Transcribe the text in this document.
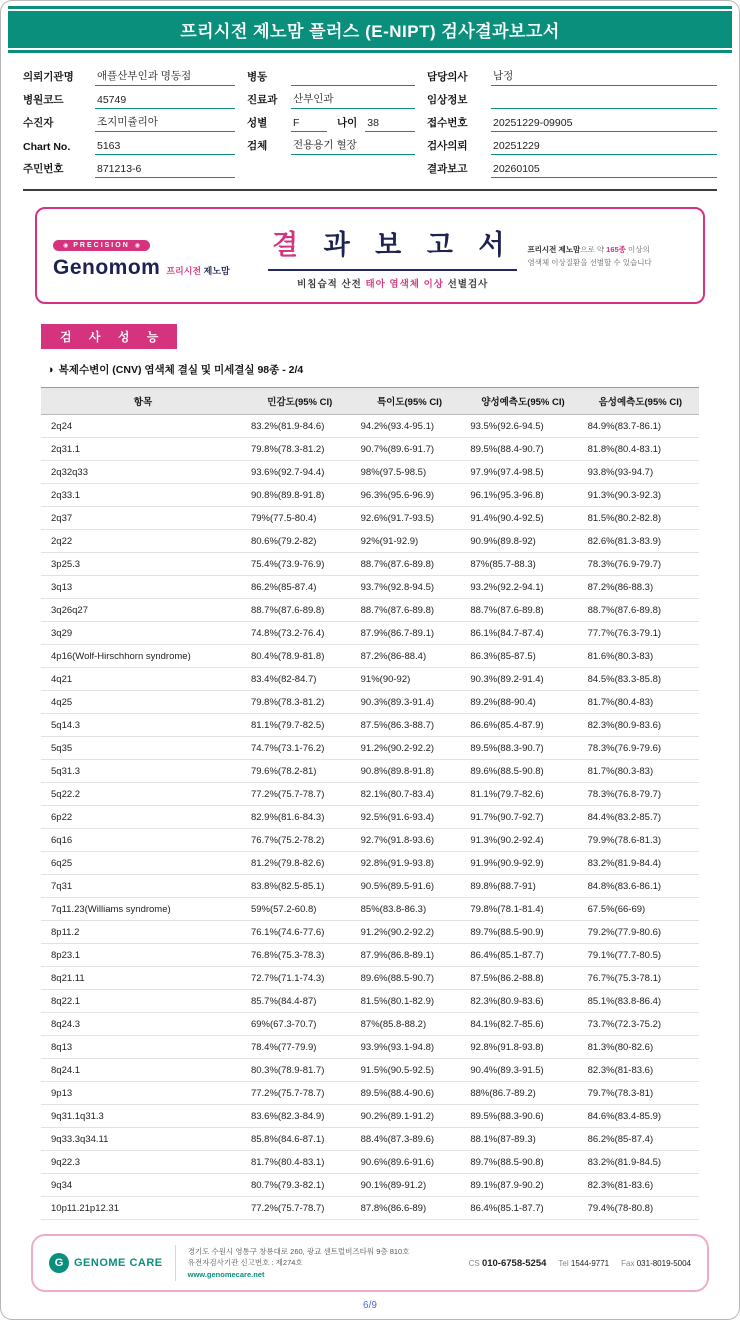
프리시전 제노맘 플러스 (E-NIPT) 검사결과보고서
의뢰기관명	애플산부인과 명동점
병원코드	45749
수진자	조지미쥴리아
Chart No.	5163
주민번호	871213-6
병동
진료과	산부인과
성별	F	나이 38
검체	전용용기 혈장
담당의사	남정
임상정보
접수번호	20251229-09905
검사의뢰	20251229
결과보고	20260105
◉ PRECISION ◉
Genomom 프리시전 제노맘
결 과 보 고 서
비침습적 산전 태아 염색체 이상 선별검사
프리시전 제노맘으로 약 165종 이상의
염색체 이상질환을 선별할 수 있습니다
검 사 성 능
◑ 복제수변이 (CNV) 염색체 결실 및 미세결실 98종 - 2/4
항목	민감도(95% CI)	특이도(95% CI)	양성예측도(95% CI)	음성예측도(95% CI)
2q24	83.2%(81.9-84.6)	94.2%(93.4-95.1)	93.5%(92.6-94.5)	84.9%(83.7-86.1)
2q31.1	79.8%(78.3-81.2)	90.7%(89.6-91.7)	89.5%(88.4-90.7)	81.8%(80.4-83.1)
2q32q33	93.6%(92.7-94.4)	98%(97.5-98.5)	97.9%(97.4-98.5)	93.8%(93-94.7)
2q33.1	90.8%(89.8-91.8)	96.3%(95.6-96.9)	96.1%(95.3-96.8)	91.3%(90.3-92.3)
2q37	79%(77.5-80.4)	92.6%(91.7-93.5)	91.4%(90.4-92.5)	81.5%(80.2-82.8)
2q22	80.6%(79.2-82)	92%(91-92.9)	90.9%(89.8-92)	82.6%(81.3-83.9)
3p25.3	75.4%(73.9-76.9)	88.7%(87.6-89.8)	87%(85.7-88.3)	78.3%(76.9-79.7)
3q13	86.2%(85-87.4)	93.7%(92.8-94.5)	93.2%(92.2-94.1)	87.2%(86-88.3)
3q26q27	88.7%(87.6-89.8)	88.7%(87.6-89.8)	88.7%(87.6-89.8)	88.7%(87.6-89.8)
3q29	74.8%(73.2-76.4)	87.9%(86.7-89.1)	86.1%(84.7-87.4)	77.7%(76.3-79.1)
4p16(Wolf-Hirschhorn syndrome)	80.4%(78.9-81.8)	87.2%(86-88.4)	86.3%(85-87.5)	81.6%(80.3-83)
4q21	83.4%(82-84.7)	91%(90-92)	90.3%(89.2-91.4)	84.5%(83.3-85.8)
4q25	79.8%(78.3-81.2)	90.3%(89.3-91.4)	89.2%(88-90.4)	81.7%(80.4-83)
5q14.3	81.1%(79.7-82.5)	87.5%(86.3-88.7)	86.6%(85.4-87.9)	82.3%(80.9-83.6)
5q35	74.7%(73.1-76.2)	91.2%(90.2-92.2)	89.5%(88.3-90.7)	78.3%(76.9-79.6)
5q31.3	79.6%(78.2-81)	90.8%(89.8-91.8)	89.6%(88.5-90.8)	81.7%(80.3-83)
5q22.2	77.2%(75.7-78.7)	82.1%(80.7-83.4)	81.1%(79.7-82.6)	78.3%(76.8-79.7)
6p22	82.9%(81.6-84.3)	92.5%(91.6-93.4)	91.7%(90.7-92.7)	84.4%(83.2-85.7)
6q16	76.7%(75.2-78.2)	92.7%(91.8-93.6)	91.3%(90.2-92.4)	79.9%(78.6-81.3)
6q25	81.2%(79.8-82.6)	92.8%(91.9-93.8)	91.9%(90.9-92.9)	83.2%(81.9-84.4)
7q31	83.8%(82.5-85.1)	90.5%(89.5-91.6)	89.8%(88.7-91)	84.8%(83.6-86.1)
7q11.23(Williams syndrome)	59%(57.2-60.8)	85%(83.8-86.3)	79.8%(78.1-81.4)	67.5%(66-69)
8p11.2	76.1%(74.6-77.6)	91.2%(90.2-92.2)	89.7%(88.5-90.9)	79.2%(77.9-80.6)
8p23.1	76.8%(75.3-78.3)	87.9%(86.8-89.1)	86.4%(85.1-87.7)	79.1%(77.7-80.5)
8q21.11	72.7%(71.1-74.3)	89.6%(88.5-90.7)	87.5%(86.2-88.8)	76.7%(75.3-78.1)
8q22.1	85.7%(84.4-87)	81.5%(80.1-82.9)	82.3%(80.9-83.6)	85.1%(83.8-86.4)
8q24.3	69%(67.3-70.7)	87%(85.8-88.2)	84.1%(82.7-85.6)	73.7%(72.3-75.2)
8q13	78.4%(77-79.9)	93.9%(93.1-94.8)	92.8%(91.8-93.8)	81.3%(80-82.6)
8q24.1	80.3%(78.9-81.7)	91.5%(90.5-92.5)	90.4%(89.3-91.5)	82.3%(81-83.6)
9p13	77.2%(75.7-78.7)	89.5%(88.4-90.6)	88%(86.7-89.2)	79.7%(78.3-81)
9q31.1q31.3	83.6%(82.3-84.9)	90.2%(89.1-91.2)	89.5%(88.3-90.6)	84.6%(83.4-85.9)
9q33.3q34.11	85.8%(84.6-87.1)	88.4%(87.3-89.6)	88.1%(87-89.3)	86.2%(85-87.4)
9q22.3	81.7%(80.4-83.1)	90.6%(89.6-91.6)	89.7%(88.5-90.8)	83.2%(81.9-84.5)
9q34	80.7%(79.3-82.1)	90.1%(89-91.2)	89.1%(87.9-90.2)	82.3%(81-83.6)
10p11.21p12.31	77.2%(75.7-78.7)	87.8%(86.6-89)	86.4%(85.1-87.7)	79.4%(78-80.8)
G GENOME CARE
경기도 수원시 영통구 창룡대로 260, 광교 센트럴비즈타워 9층 810호
유전자검사기관 신고번호 : 제274호
www.genomecare.net
CS 010-6758-5254 Tel 1544-9771 Fax 031-8019-5004
6/9
